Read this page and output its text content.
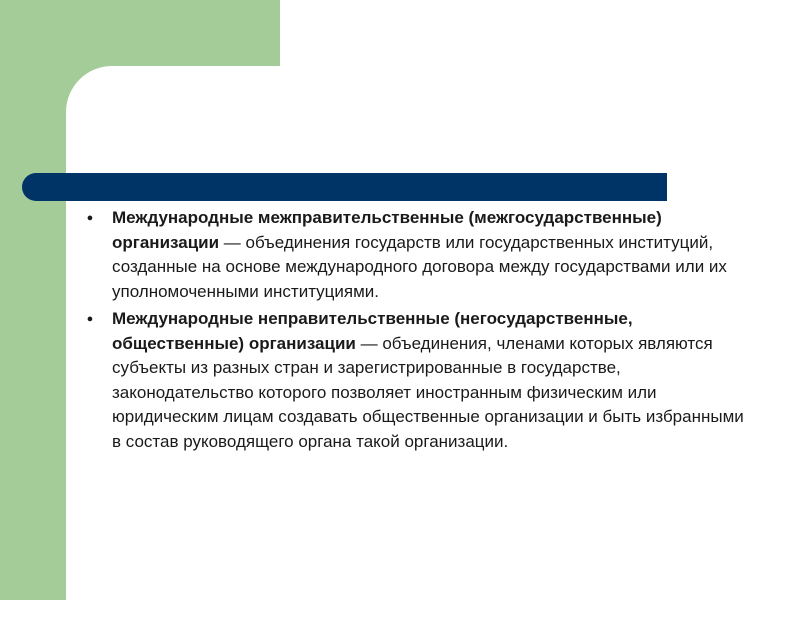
● Международные межправительственные (межгосударственные) организации — объединения государств или государственных институций, созданные на основе международного договора между государствами или их уполномоченными институциями.
● Международные неправительственные (негосударственные, общественные) организации — объединения, членами которых являются субъекты из разных стран и зарегистрированные в государстве, законодательство которого позволяет иностранным физическим или юридическим лицам создавать общественные организации и быть избранными в состав руководящего органа такой организации.
